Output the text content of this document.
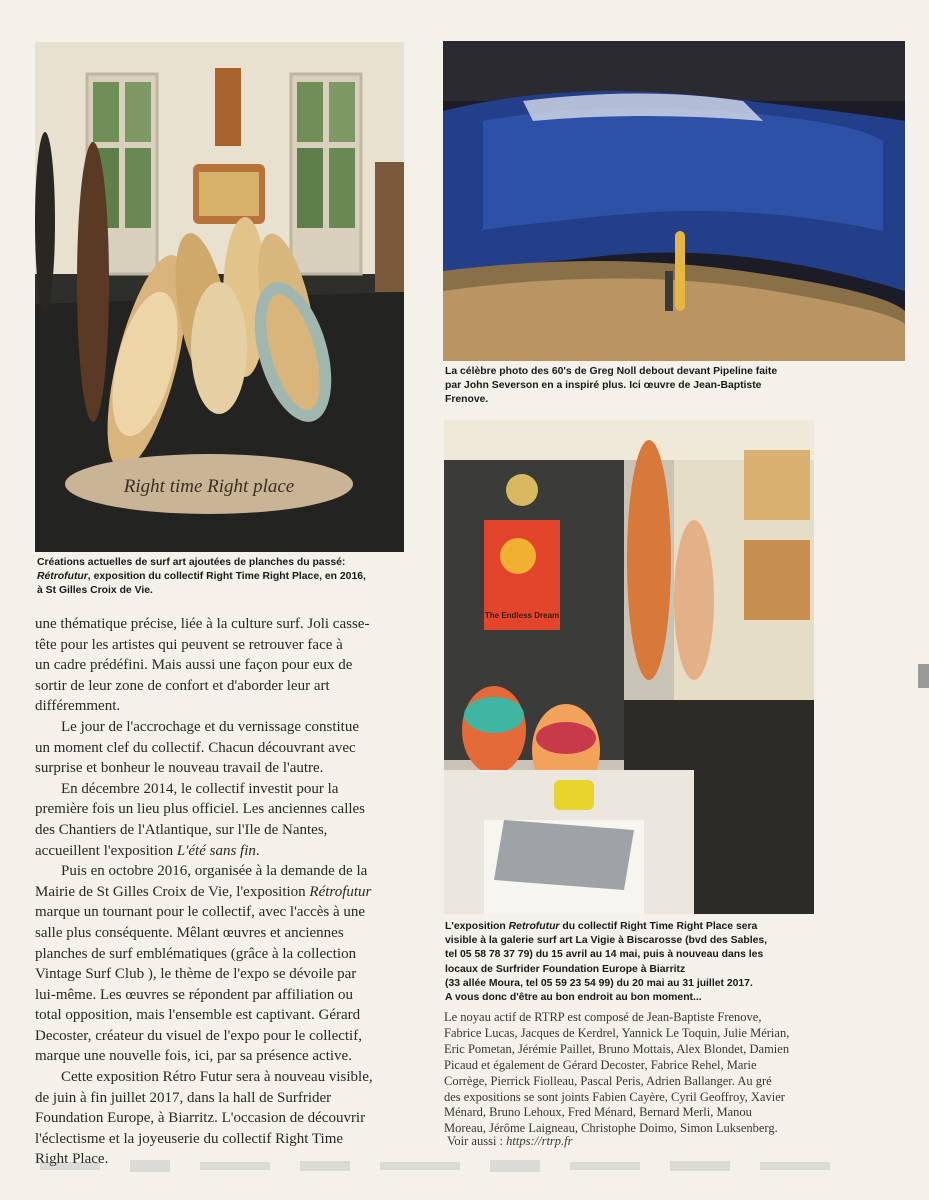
Right time Right place
Créations actuelles de surf art ajoutées de planches du passé:
Rétrofutur, exposition du collectif Right Time Right Place, en 2016,
à St Gilles Croix de Vie.
La célèbre photo des 60's de Greg Noll debout devant Pipeline faite
par John Severson en a inspiré plus. Ici œuvre de Jean-Baptiste
Frenove.
The Endless Dream
L'exposition Retrofutur du collectif Right Time Right Place sera
visible à la galerie surf art La Vigie à Biscarosse (bvd des Sables,
tel 05 58 78 37 79) du 15 avril au 14 mai, puis à nouveau dans les
locaux de Surfrider Foundation Europe à Biarritz
(33 allée Moura, tel 05 59 23 54 99) du 20 mai au 31 juillet 2017.
A vous donc d'être au bon endroit au bon moment...
une thématique précise, liée à la culture surf. Joli casse-
tête pour les artistes qui peuvent se retrouver face à
un cadre prédéfini. Mais aussi une façon pour eux de
sortir de leur zone de confort et d'aborder leur art
différemment.
Le jour de l'accrochage et du vernissage constitue
un moment clef du collectif. Chacun découvrant avec
surprise et bonheur le nouveau travail de l'autre.
En décembre 2014, le collectif investit pour la
première fois un lieu plus officiel. Les anciennes calles
des Chantiers de l'Atlantique, sur l'Ile de Nantes,
accueillent l'exposition L'été sans fin.
Puis en octobre 2016, organisée à la demande de la
Mairie de St Gilles Croix de Vie, l'exposition Rétrofutur
marque un tournant pour le collectif, avec l'accès à une
salle plus conséquente. Mêlant œuvres et anciennes
planches de surf emblématiques (grâce à la collection
Vintage Surf Club ), le thème de l'expo se dévoile par
lui-même. Les œuvres se répondent par affiliation ou
total opposition, mais l'ensemble est captivant. Gérard
Decoster, créateur du visuel de l'expo pour le collectif,
marque une nouvelle fois, ici, par sa présence active.
Cette exposition Rétro Futur sera à nouveau visible,
de juin à fin juillet 2017, dans la hall de Surfrider
Foundation Europe, à Biarritz. L'occasion de découvrir
l'éclectisme et la joyeuserie du collectif Right Time
Right Place.
Le noyau actif de RTRP est composé de Jean-Baptiste Frenove,
Fabrice Lucas, Jacques de Kerdrel, Yannick Le Toquin, Julie Mérian,
Eric Pometan, Jérémie Paillet, Bruno Mottais, Alex Blondet, Damien
Picaud et également de Gérard Decoster, Fabrice Rehel, Marie
Corrège, Pierrick Fiolleau, Pascal Peris, Adrien Ballanger. Au gré
des expositions se sont joints Fabien Cayère, Cyril Geoffroy, Xavier
Ménard, Bruno Lehoux, Fred Ménard, Bernard Merli, Manou
Moreau, Jérôme Laigneau, Christophe Doimo, Simon Luksenberg.
Voir aussi : https://rtrp.fr
